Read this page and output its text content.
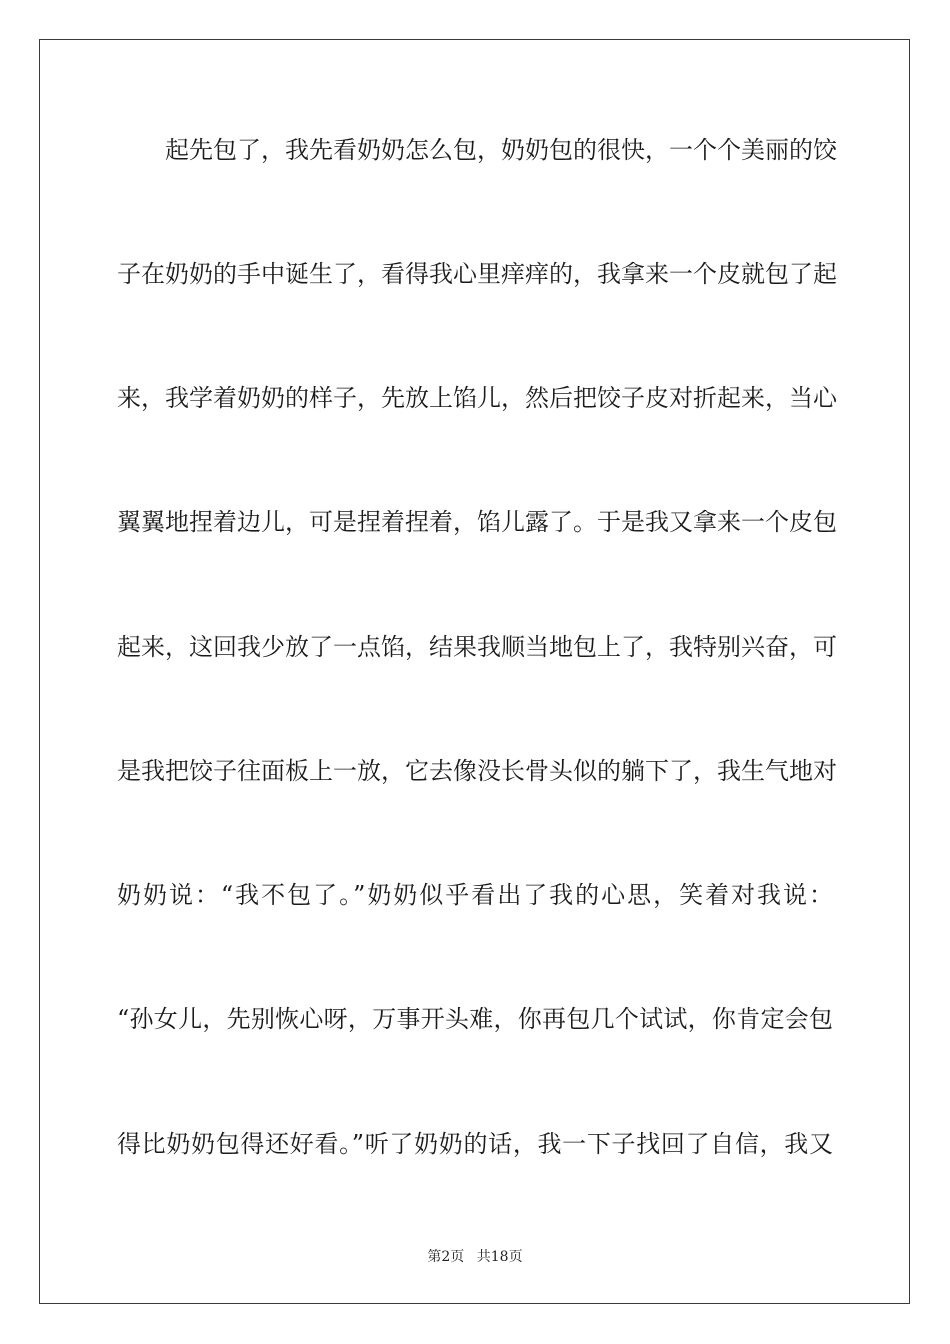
起先包了，我先看奶奶怎么包，奶奶包的很快，一个个美丽的饺
子在奶奶的手中诞生了，看得我心里痒痒的，我拿来一个皮就包了起
来，我学着奶奶的样子，先放上馅儿，然后把饺子皮对折起来，当心
翼翼地捏着边儿，可是捏着捏着，馅儿露了。于是我又拿来一个皮包
起来，这回我少放了一点馅，结果我顺当地包上了，我特别兴奋，可
是我把饺子往面板上一放，它去像没长骨头似的躺下了，我生气地对
奶奶说：“我不包了。”奶奶似乎看出了我的心思，笑着对我说：
“孙女儿，先别恢心呀，万事开头难，你再包几个试试，你肯定会包
得比奶奶包得还好看。”听了奶奶的话，我一下子找回了自信，我又
第2页 共18页
